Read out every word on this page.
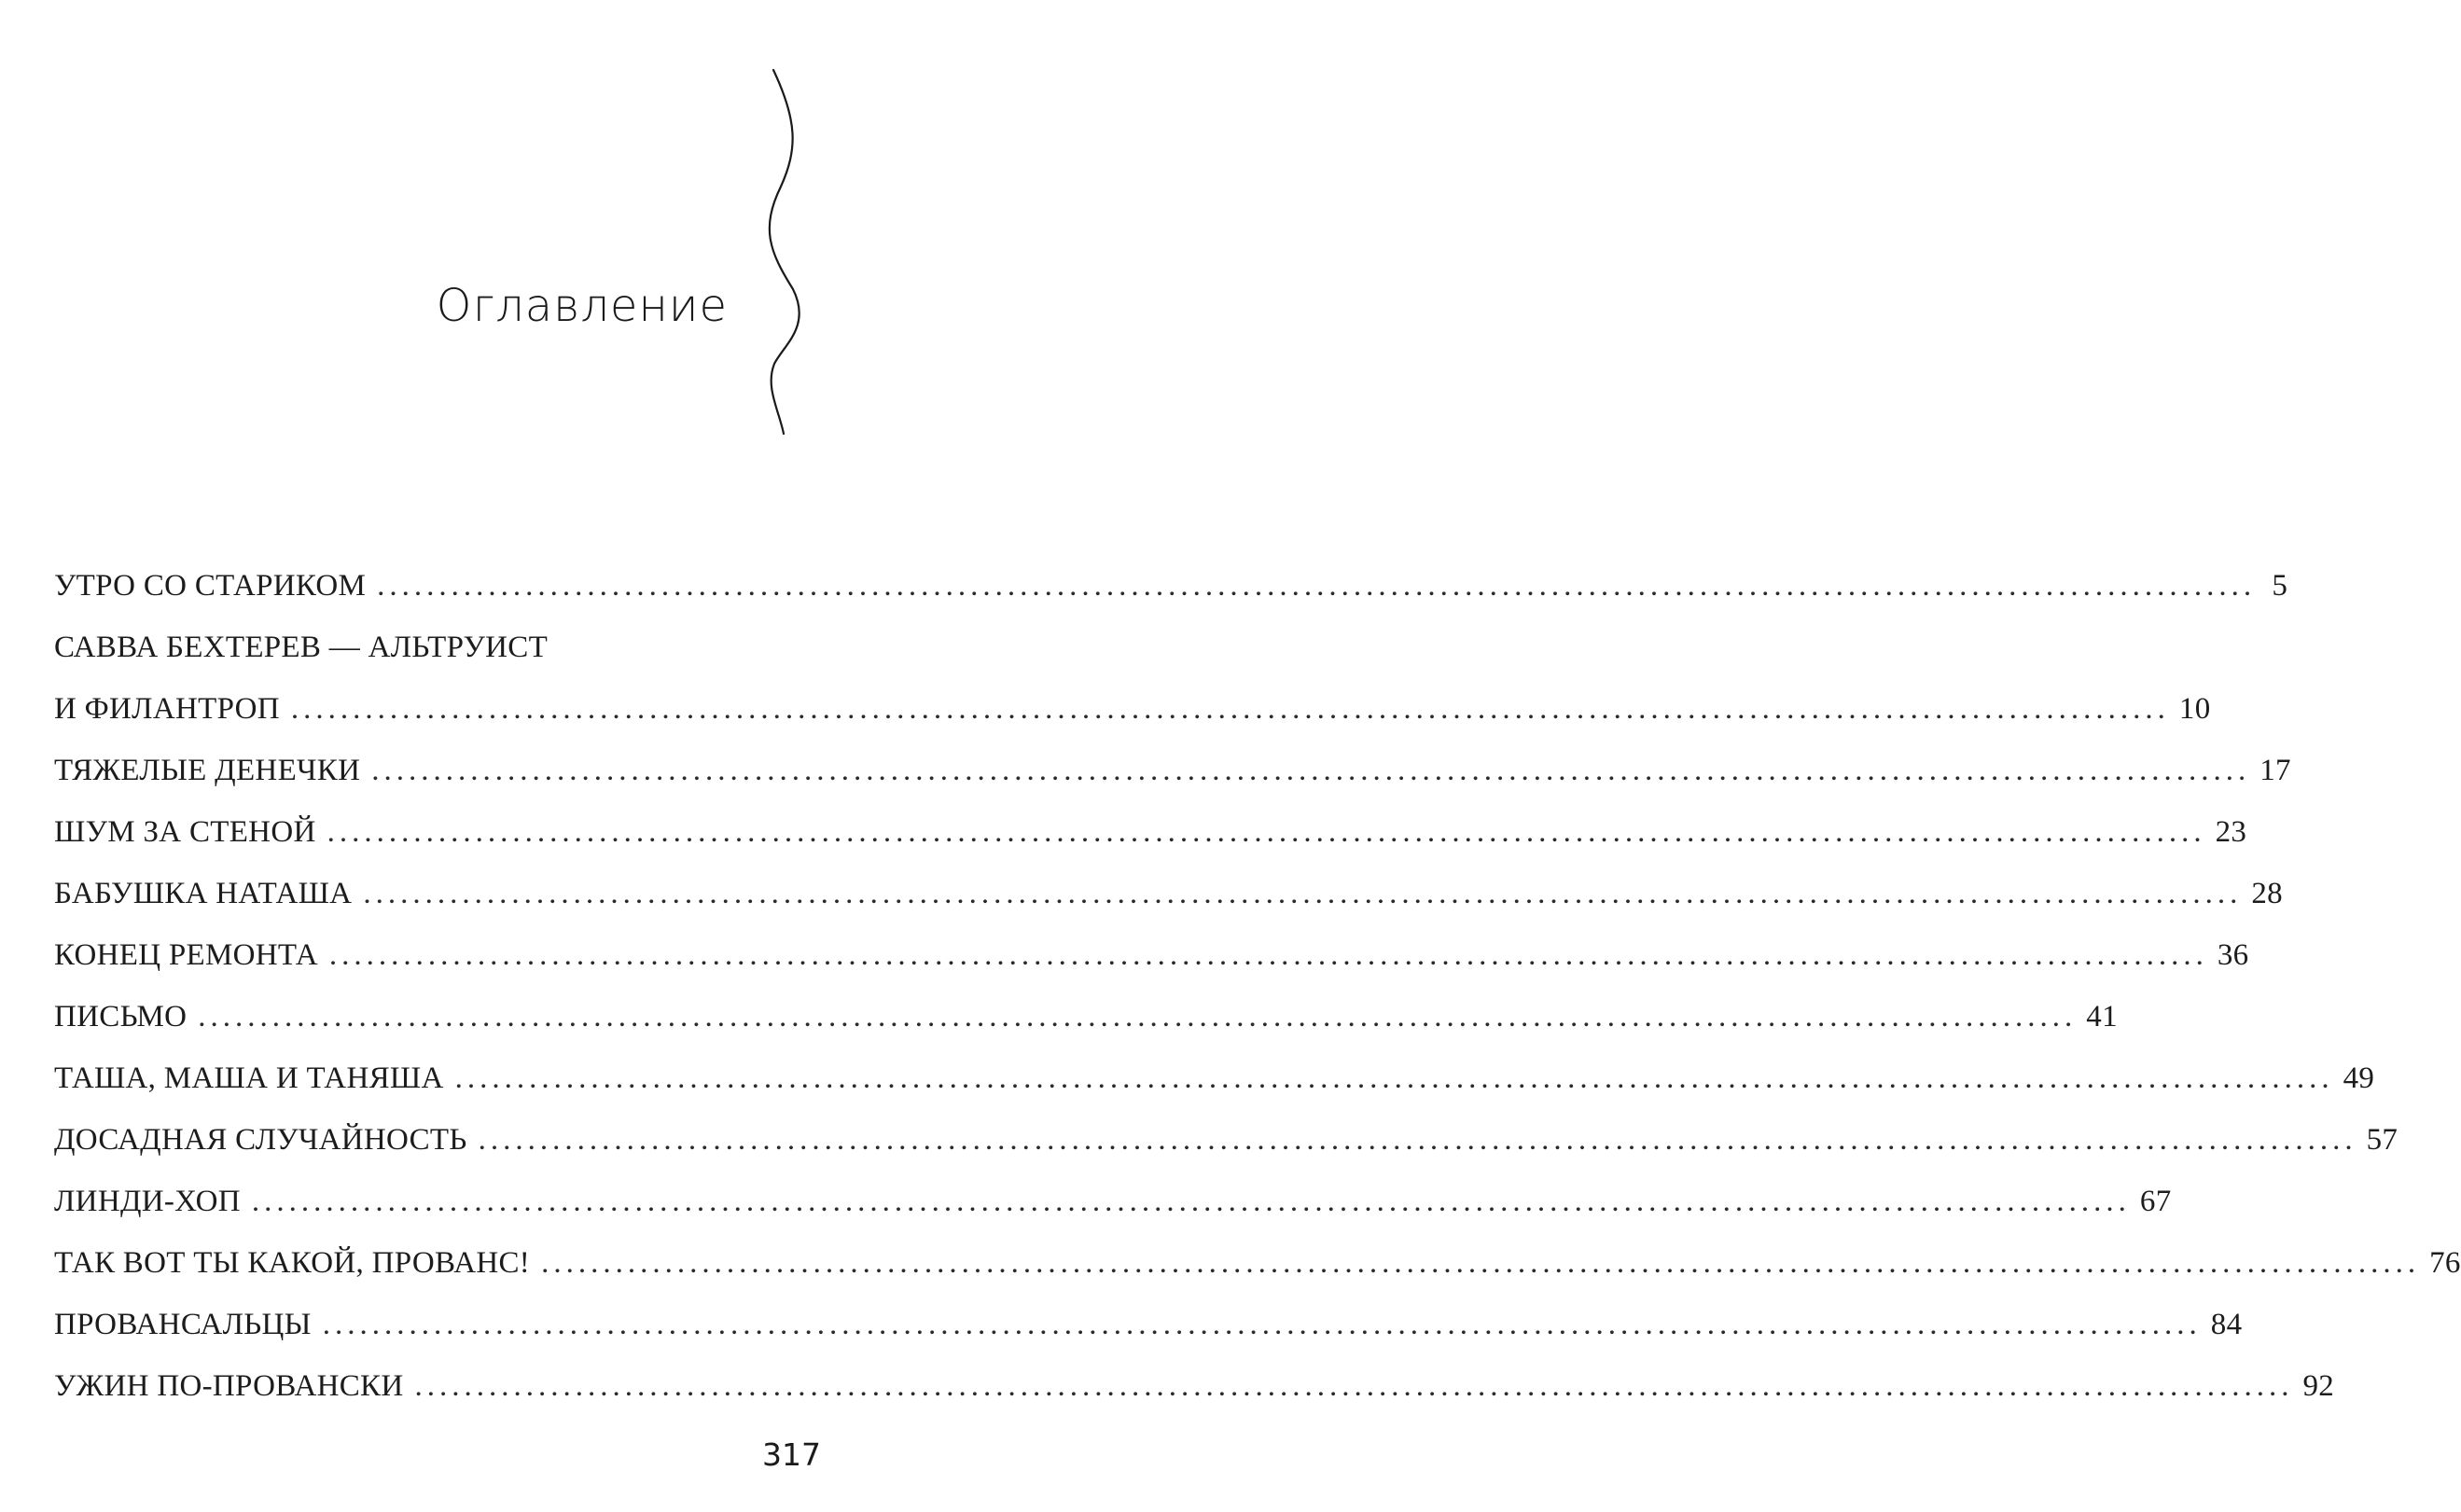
Оглавление
УТРО СО СТАРИКОМ .....	5
САВВА БЕХТЕРЕВ — АЛЬТРУИСТ
И ФИЛАНТРОП .....	10
ТЯЖЕЛЫЕ ДЕНЕЧКИ .....	17
ШУМ ЗА СТЕНОЙ .....	23
БАБУШКА НАТАША .....	28
КОНЕЦ РЕМОНТА .....	36
ПИСЬМО .....	41
ТАША, МАША И ТАНЯША .....	49
ДОСАДНАЯ СЛУЧАЙНОСТЬ .....	57
ЛИНДИ-ХОП .....	67
ТАК ВОТ ТЫ КАКОЙ, ПРОВАНС! .....	76
ПРОВАНСАЛЬЦЫ .....	84
УЖИН ПО-ПРОВАНСКИ .....	92
317
